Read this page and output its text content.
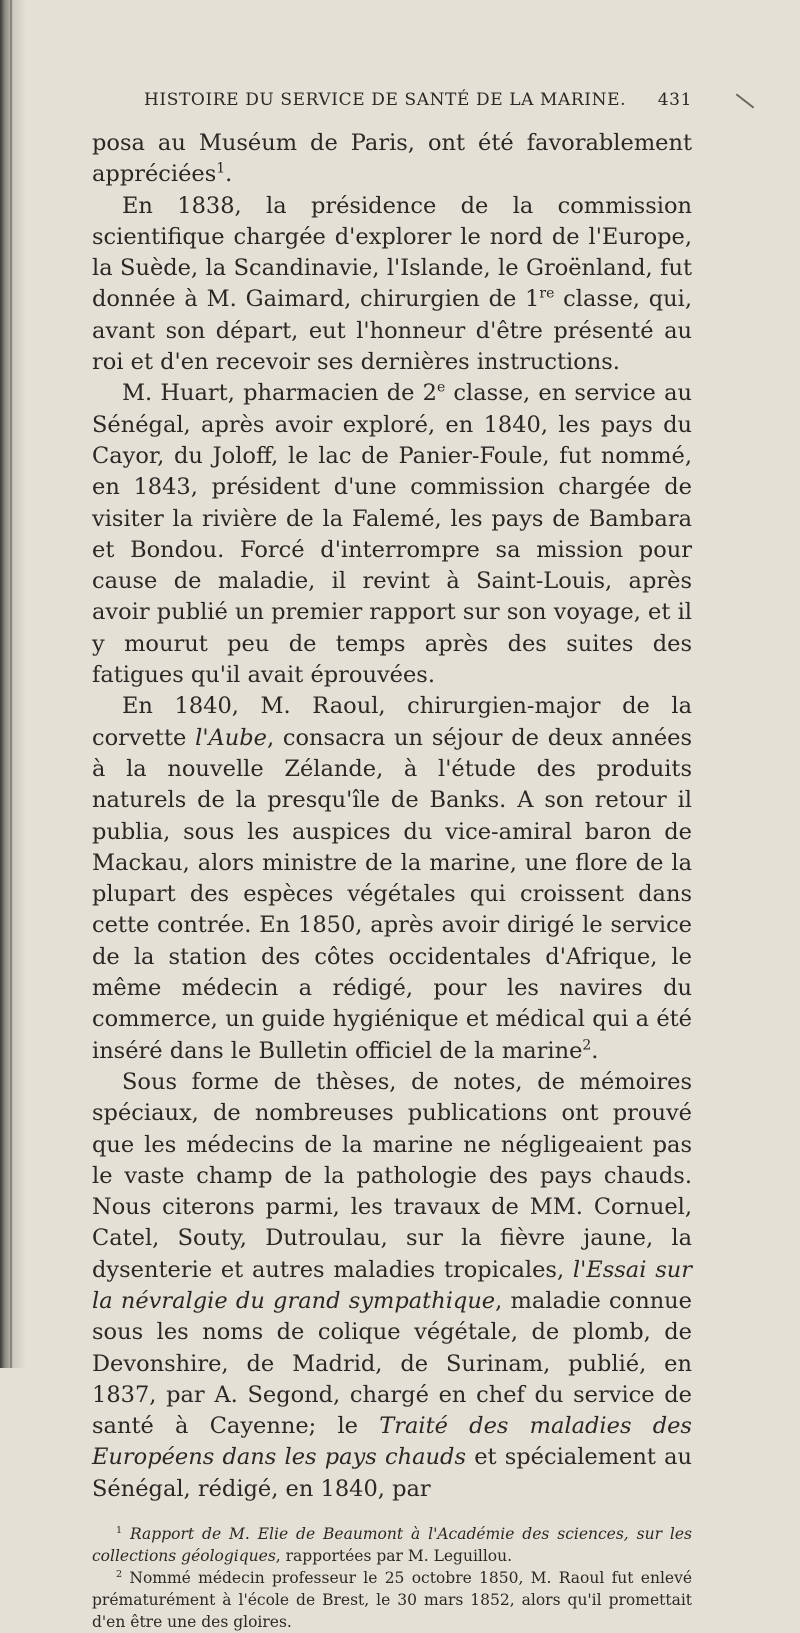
HISTOIRE DU SERVICE DE SANTÉ DE LA MARINE. 431

posa au Muséum de Paris, ont été favorablement appréciées$^1$.

En 1838, la présidence de la commission scientifique chargée d'explorer le nord de l'Europe, la Suède, la Scandinavie, l'Islande, le Groënland, fut donnée à M. Gaimard, chirurgien de 1re classe, qui, avant son départ, eut l'honneur d'être présenté au roi et d'en recevoir ses dernières instructions.

M. Huart, pharmacien de 2e classe, en service au Sénégal, après avoir exploré, en 1840, les pays du Cayor, du Joloff, le lac de Panier-Foule, fut nommé, en 1843, président d'une commission chargée de visiter la rivière de la Falemé, les pays de Bambara et Bondou. Forcé d'interrompre sa mission pour cause de maladie, il revint à Saint-Louis, après avoir publié un premier rapport sur son voyage, et il y mourut peu de temps après des suites des fatigues qu'il avait éprouvées.

En 1840, M. Raoul, chirurgien-major de la corvette l'Aube, consacra un séjour de deux années à la nouvelle Zélande, à l'étude des produits naturels de la presqu'île de Banks. A son retour il publia, sous les auspices du vice-amiral baron de Mackau, alors ministre de la marine, une flore de la plupart des espèces végétales qui croissent dans cette contrée. En 1850, après avoir dirigé le service de la station des côtes occidentales d'Afrique, le même médecin a rédigé, pour les navires du commerce, un guide hygiénique et médical qui a été inséré dans le Bulletin officiel de la marine$^2$.

Sous forme de thèses, de notes, de mémoires spéciaux, de nombreuses publications ont prouvé que les médecins de la marine ne négligeaient pas le vaste champ de la pathologie des pays chauds. Nous citerons parmi, les travaux de MM. Cornuel, Catel, Souty, Dutroulau, sur la fièvre jaune, la dysenterie et autres maladies tropicales, l'Essai sur la névralgie du grand sympathique, maladie connue sous les noms de colique végétale, de plomb, de Devonshire, de Madrid, de Surinam, publié, en 1837, par A. Segond, chargé en chef du service de santé à Cayenne; le Traité des maladies des Européens dans les pays chauds et spécialement au Sénégal, rédigé, en 1840, par

$^1$ Rapport de M. Elie de Beaumont à l'Académie des sciences, sur les collections géologiques, rapportées par M. Leguillou.

$^2$ Nommé médecin professeur le 25 octobre 1850, M. Raoul fut enlevé prématurément à l'école de Brest, le 30 mars 1852, alors qu'il promettait d'en être une des gloires.
